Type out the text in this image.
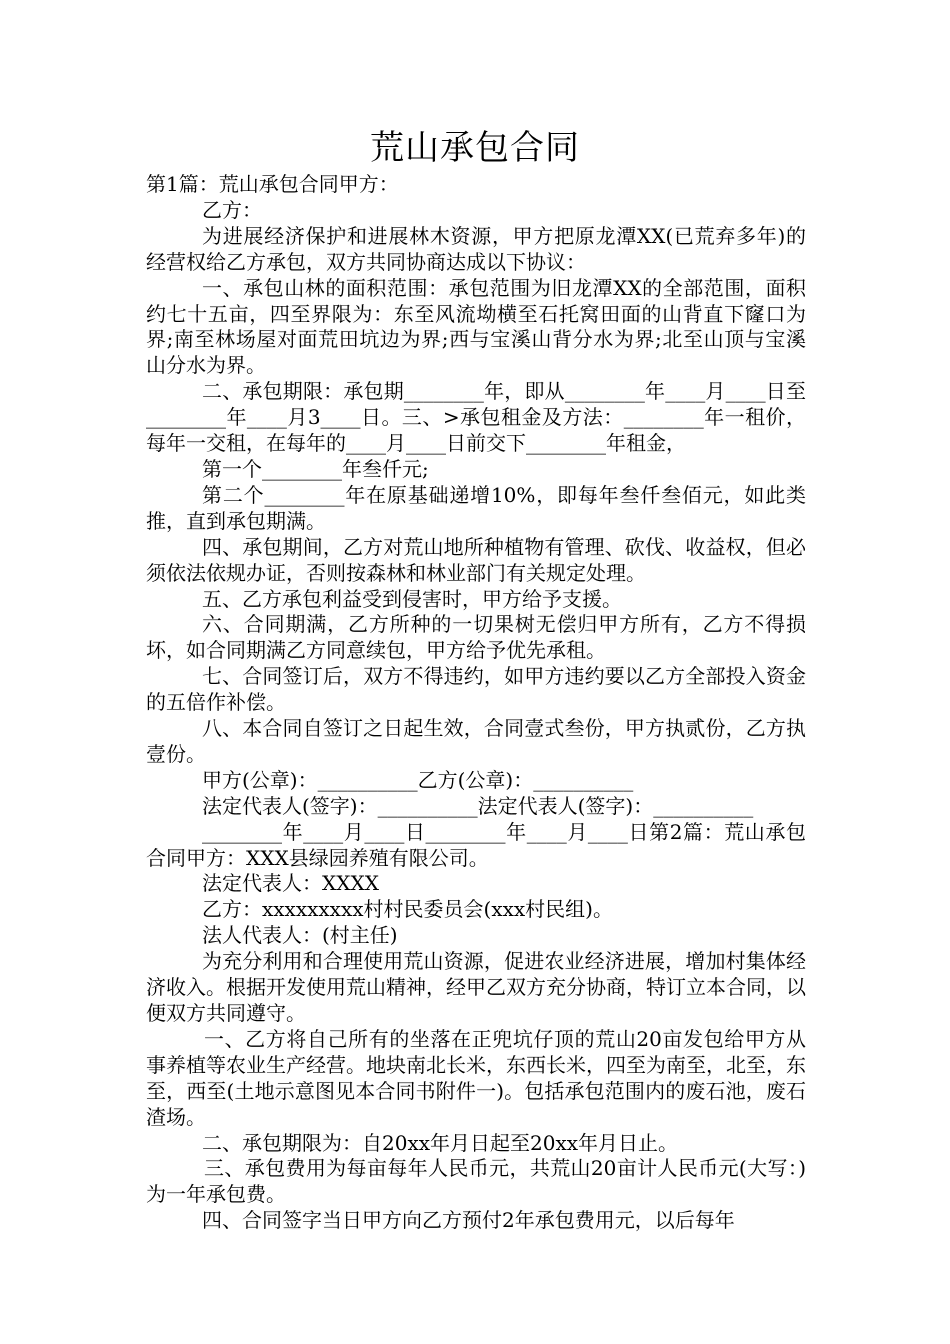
荒山承包合同

第1篇：荒山承包合同甲方：

乙方：

为进展经济保护和进展林木资源，甲方把原龙潭XX(已荒弃多年)的经营权给乙方承包，双方共同协商达成以下协议：

一、承包山林的面积范围：承包范围为旧龙潭XX的全部范围，面积约七十五亩，四至界限为：东至风流坳横至石托窝田面的山背直下窿口为界;南至林场屋对面荒田坑边为界;西与宝溪山背分水为界;北至山顶与宝溪山分水为界。

二、承包期限：承包期________年，即从________年____月____日至________年____月3____日。三、>承包租金及方法：________年一租价，每年一交租，在每年的____月____日前交下________年租金，

第一个________年叁仟元;

第二个________年在原基础递增10%，即每年叁仟叁佰元，如此类推，直到承包期满。

四、承包期间，乙方对荒山地所种植物有管理、砍伐、收益权，但必须依法依规办证，否则按森林和林业部门有关规定处理。

五、乙方承包利益受到侵害时，甲方给予支援。

六、合同期满，乙方所种的一切果树无偿归甲方所有，乙方不得损坏，如合同期满乙方同意续包，甲方给予优先承租。

七、合同签订后，双方不得违约，如甲方违约要以乙方全部投入资金的五倍作补偿。

八、本合同自签订之日起生效，合同壹式叁份，甲方执贰份，乙方执壹份。

甲方(公章)：__________乙方(公章)：__________

法定代表人(签字)：__________法定代表人(签字)：__________

________年____月____日________年____月____日第2篇：荒山承包合同甲方：XXX县绿园养殖有限公司。

法定代表人：XXXX

乙方：xxxxxxxxx村村民委员会(xxx村民组)。

法人代表人：(村主任)

为充分利用和合理使用荒山资源，促进农业经济进展，增加村集体经济收入。根据开发使用荒山精神，经甲乙双方充分协商，特订立本合同，以便双方共同遵守。

一、乙方将自己所有的坐落在正兜坑仔顶的荒山20亩发包给甲方从事养植等农业生产经营。地块南北长米，东西长米，四至为南至，北至，东至，西至(土地示意图见本合同书附件一)。包括承包范围内的废石池，废石渣场。

二、承包期限为：自20xx年月日起至20xx年月日止。

三、承包费用为每亩每年人民币元，共荒山20亩计人民币元(大写：)为一年承包费。

四、合同签字当日甲方向乙方预付2年承包费用元，以后每年
